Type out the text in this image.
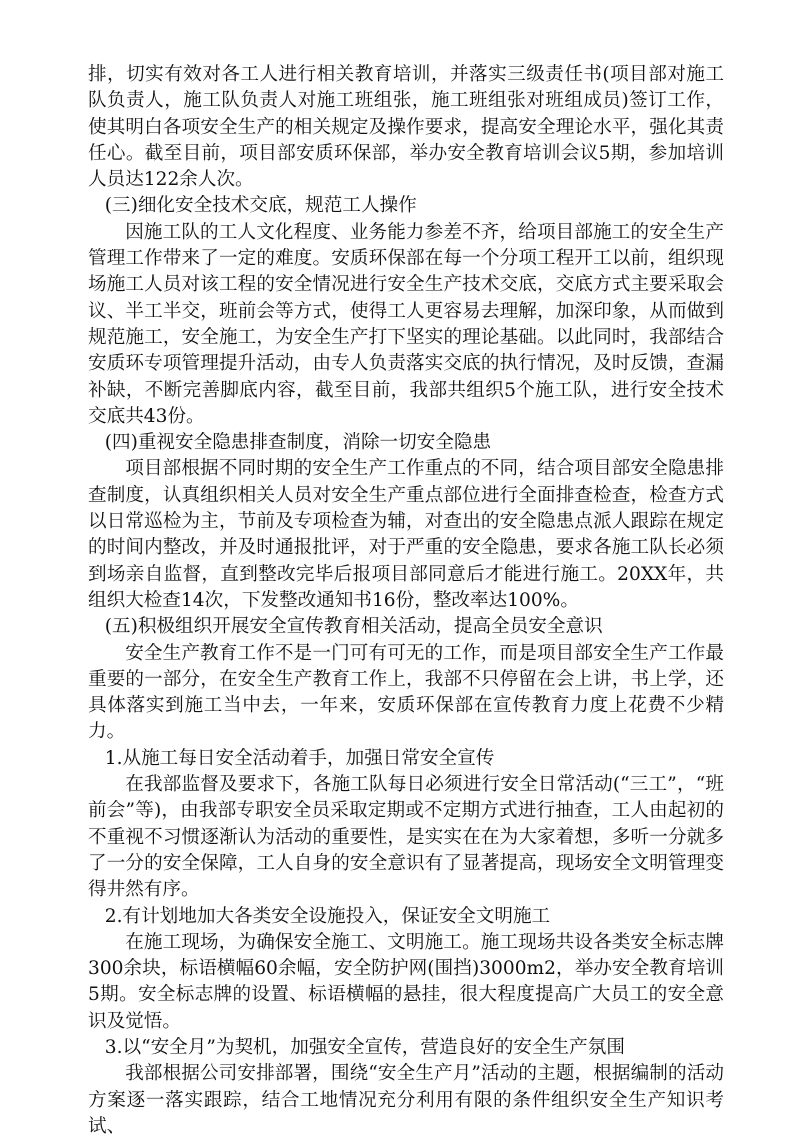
排，切实有效对各工人进行相关教育培训，并落实三级责任书(项目部对施工队负责人，施工队负责人对施工班组张，施工班组张对班组成员)签订工作，使其明白各项安全生产的相关规定及操作要求，提高安全理论水平，强化其责任心。截至目前，项目部安质环保部，举办安全教育培训会议5期，参加培训人员达122余人次。

(三)细化安全技术交底，规范工人操作

因施工队的工人文化程度、业务能力参差不齐，给项目部施工的安全生产管理工作带来了一定的难度。安质环保部在每一个分项工程开工以前，组织现场施工人员对该工程的安全情况进行安全生产技术交底，交底方式主要采取会议、半工半交，班前会等方式，使得工人更容易去理解，加深印象，从而做到规范施工，安全施工，为安全生产打下坚实的理论基础。以此同时，我部结合安质环专项管理提升活动，由专人负责落实交底的执行情况，及时反馈，查漏补缺，不断完善脚底内容，截至目前，我部共组织5个施工队，进行安全技术交底共43份。

(四)重视安全隐患排查制度，消除一切安全隐患

项目部根据不同时期的安全生产工作重点的不同，结合项目部安全隐患排查制度，认真组织相关人员对安全生产重点部位进行全面排查检查，检查方式以日常巡检为主，节前及专项检查为辅，对查出的安全隐患点派人跟踪在规定的时间内整改，并及时通报批评，对于严重的安全隐患，要求各施工队长必须到场亲自监督，直到整改完毕后报项目部同意后才能进行施工。20XX年，共组织大检查14次，下发整改通知书16份，整改率达100%。

(五)积极组织开展安全宣传教育相关活动，提高全员安全意识

安全生产教育工作不是一门可有可无的工作，而是项目部安全生产工作最重要的一部分，在安全生产教育工作上，我部不只停留在会上讲，书上学，还具体落实到施工当中去，一年来，安质环保部在宣传教育力度上花费不少精力。

1.从施工每日安全活动着手，加强日常安全宣传

在我部监督及要求下，各施工队每日必须进行安全日常活动(“三工”，“班前会”等)，由我部专职安全员采取定期或不定期方式进行抽查，工人由起初的不重视不习惯逐渐认为活动的重要性，是实实在在为大家着想，多听一分就多了一分的安全保障，工人自身的安全意识有了显著提高，现场安全文明管理变得井然有序。

2.有计划地加大各类安全设施投入，保证安全文明施工

在施工现场，为确保安全施工、文明施工。施工现场共设各类安全标志牌300余块，标语横幅60余幅，安全防护网(围挡)3000m2，举办安全教育培训5期。安全标志牌的设置、标语横幅的悬挂，很大程度提高广大员工的安全意识及觉悟。

3.以“安全月”为契机，加强安全宣传，营造良好的安全生产氛围

我部根据公司安排部署，围绕“安全生产月”活动的主题，根据编制的活动方案逐一落实跟踪，结合工地情况充分利用有限的条件组织安全生产知识考试、
